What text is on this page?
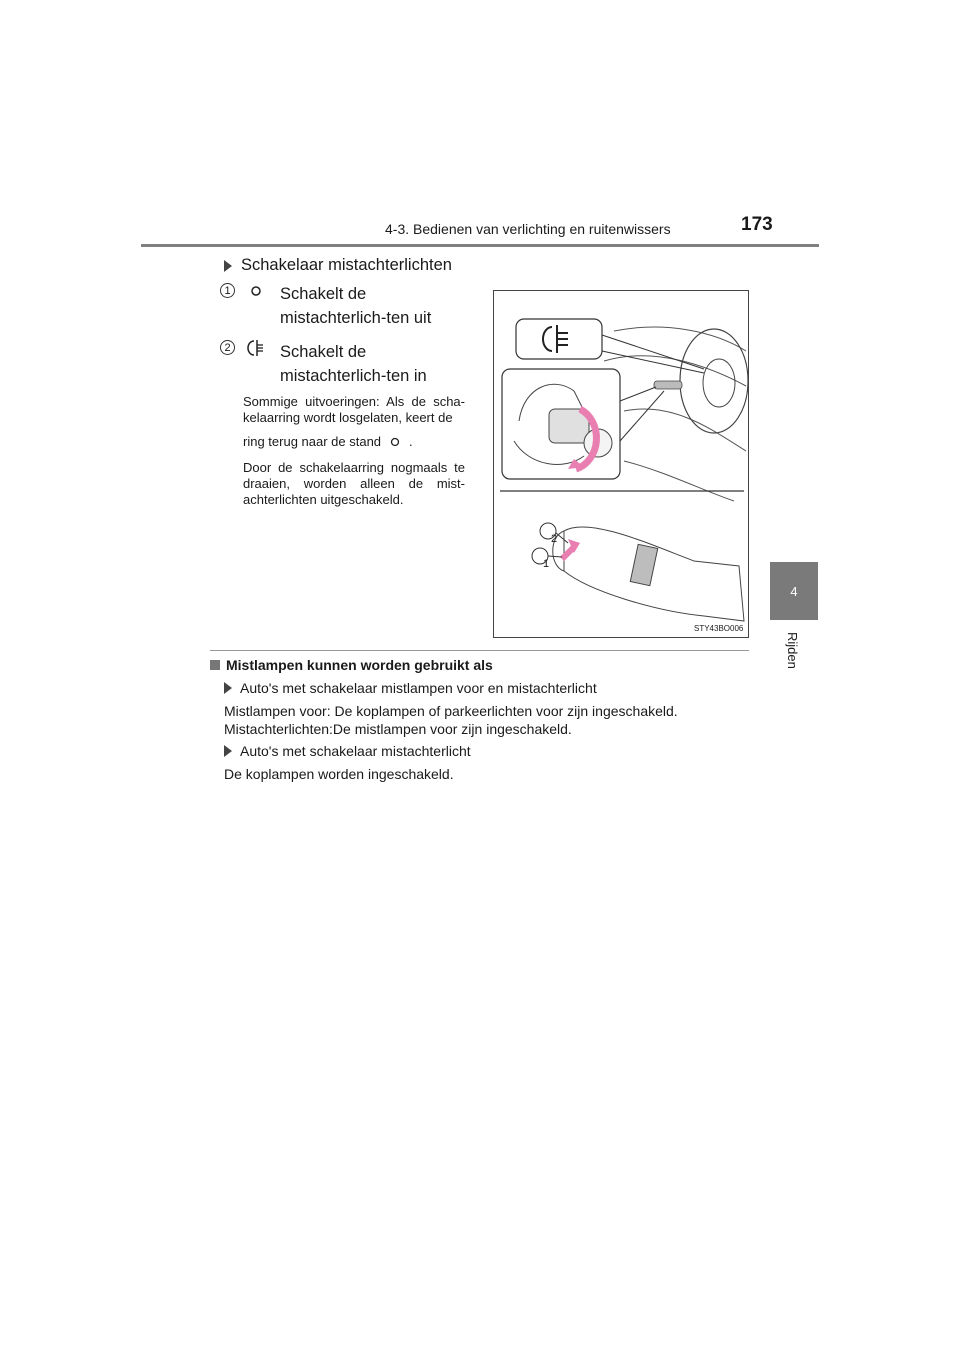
4-3. Bedienen van verlichting en ruitenwissers	173
4
Rijden
Schakelaar mistachterlichten
1	Schakelt de mistachterlich-ten uit
2	Schakelt de mistachterlich-ten in
Sommige uitvoeringen: Als de scha-kelaarring wordt losgelaten, keert de
ring terug naar de stand .
Door de schakelaarring nogmaals te draaien, worden alleen de mist-achterlichten uitgeschakeld.
2
1
STY43BO006
Mistlampen kunnen worden gebruikt als
Auto's met schakelaar mistlampen voor en mistachterlicht
Mistlampen voor: De koplampen of parkeerlichten voor zijn ingeschakeld.
Mistachterlichten:De mistlampen voor zijn ingeschakeld.
Auto's met schakelaar mistachterlicht
De koplampen worden ingeschakeld.
